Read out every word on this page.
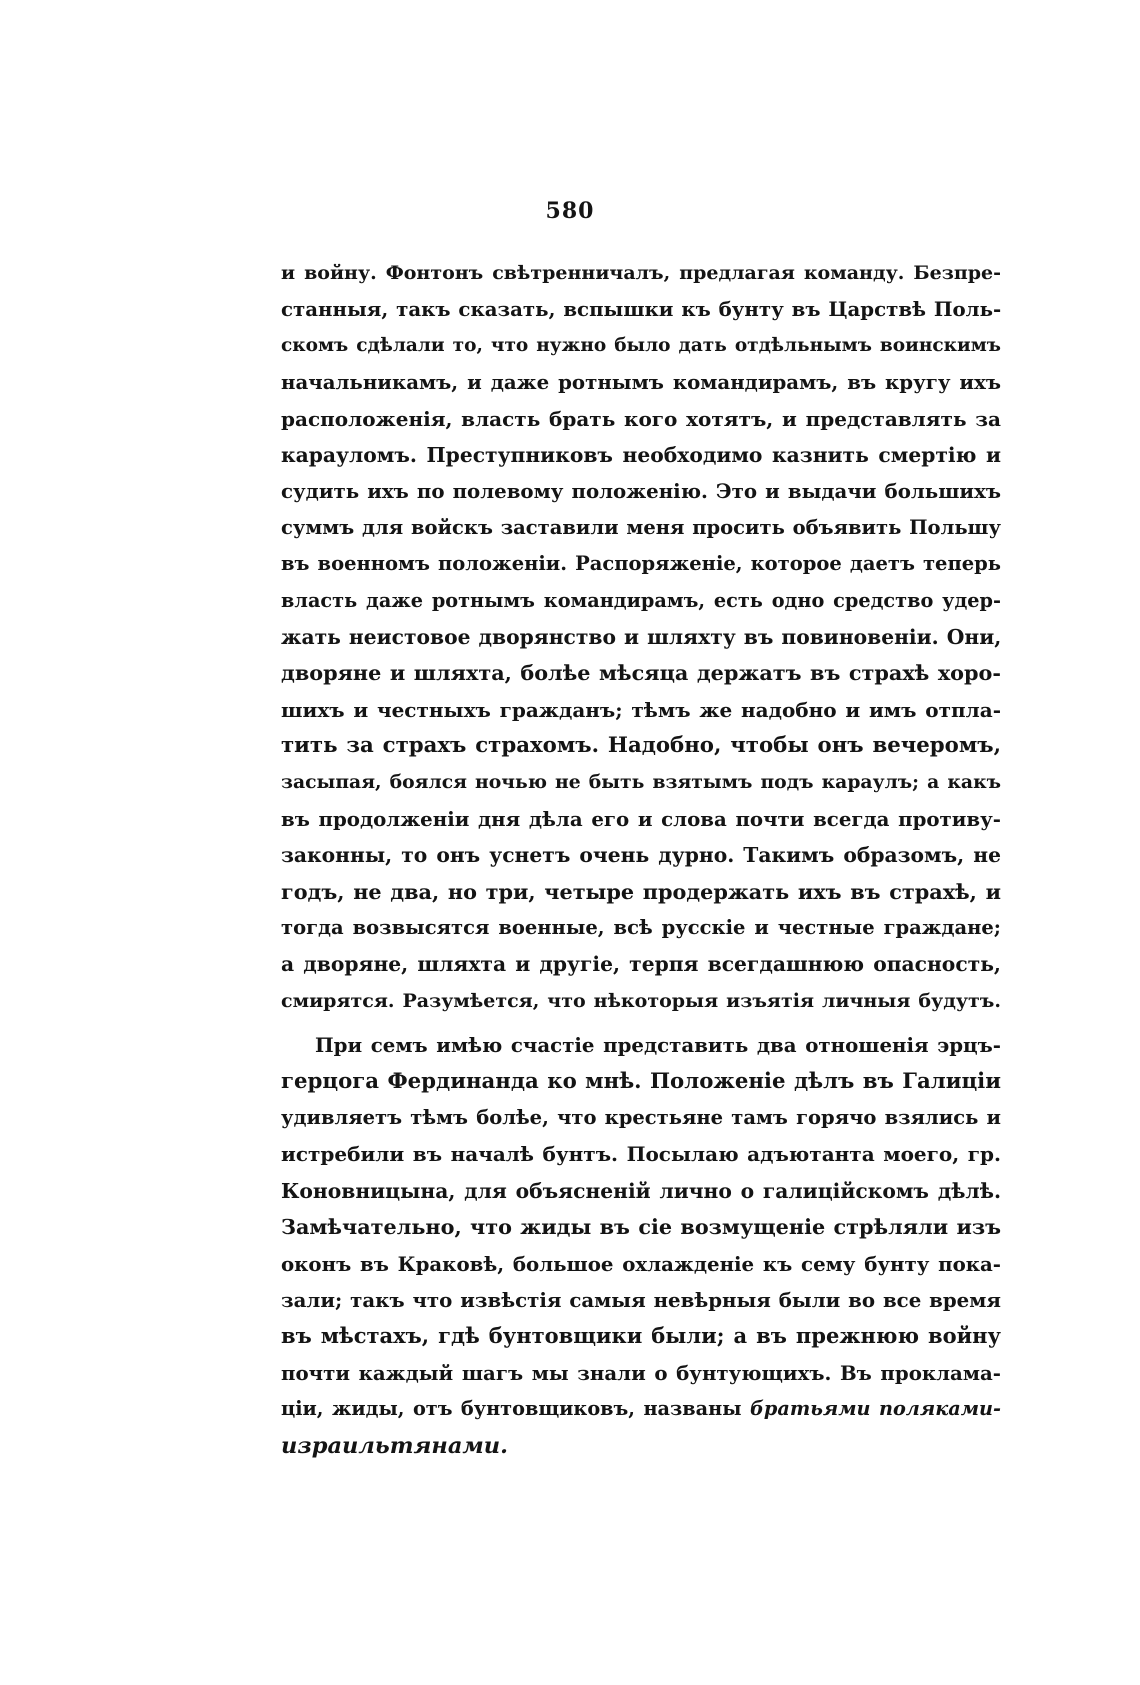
580
и войну. Фонтонъ свѣтренничалъ, предлагая команду. Безпре-
станныя, такъ сказать, вспышки къ бунту въ Царствѣ Поль-
скомъ сдѣлали то, что нужно было дать отдѣльнымъ воинскимъ
начальникамъ, и даже ротнымъ командирамъ, въ кругу ихъ
расположенія, власть брать кого хотятъ, и представлять за
карауломъ. Преступниковъ необходимо казнить смертію и
судить ихъ по полевому положенію. Это и выдачи большихъ
суммъ для войскъ заставили меня просить объявить Польшу
въ военномъ положеніи. Распоряженіе, которое даетъ теперь
власть даже ротнымъ командирамъ, есть одно средство удер-
жать неистовое дворянство и шляхту въ повиновеніи. Они,
дворяне и шляхта, болѣе мѣсяца держатъ въ страхѣ хоро-
шихъ и честныхъ гражданъ; тѣмъ же надобно и имъ отпла-
тить за страхъ страхомъ. Надобно, чтобы онъ вечеромъ,
засыпая, боялся ночью не быть взятымъ подъ караулъ; а какъ
въ продолженіи дня дѣла его и слова почти всегда противу-
законны, то онъ уснетъ очень дурно. Такимъ образомъ, не
годъ, не два, но три, четыре продержать ихъ въ страхѣ, и
тогда возвысятся военные, всѣ русскіе и честные граждане;
а дворяне, шляхта и другіе, терпя всегдашнюю опасность,
смирятся. Разумѣется, что нѣкоторыя изъятія личныя будутъ.
При семъ имѣю счастіе представить два отношенія эрцъ-
герцога Фердинанда ко мнѣ. Положеніе дѣлъ въ Галиціи
удивляетъ тѣмъ болѣе, что крестьяне тамъ горячо взялись и
истребили въ началѣ бунтъ. Посылаю адъютанта моего, гр.
Коновницына, для объясненій лично о галиційскомъ дѣлѣ.
Замѣчательно, что жиды въ сіе возмущеніе стрѣляли изъ
оконъ въ Краковѣ, большое охлажденіе къ сему бунту пока-
зали; такъ что извѣстія самыя невѣрныя были во все время
въ мѣстахъ, гдѣ бунтовщики были; а въ прежнюю войну
почти каждый шагъ мы знали о бунтующихъ. Въ проклама-
ціи, жиды, отъ бунтовщиковъ, названы братьями поляками-
израильтянами.
